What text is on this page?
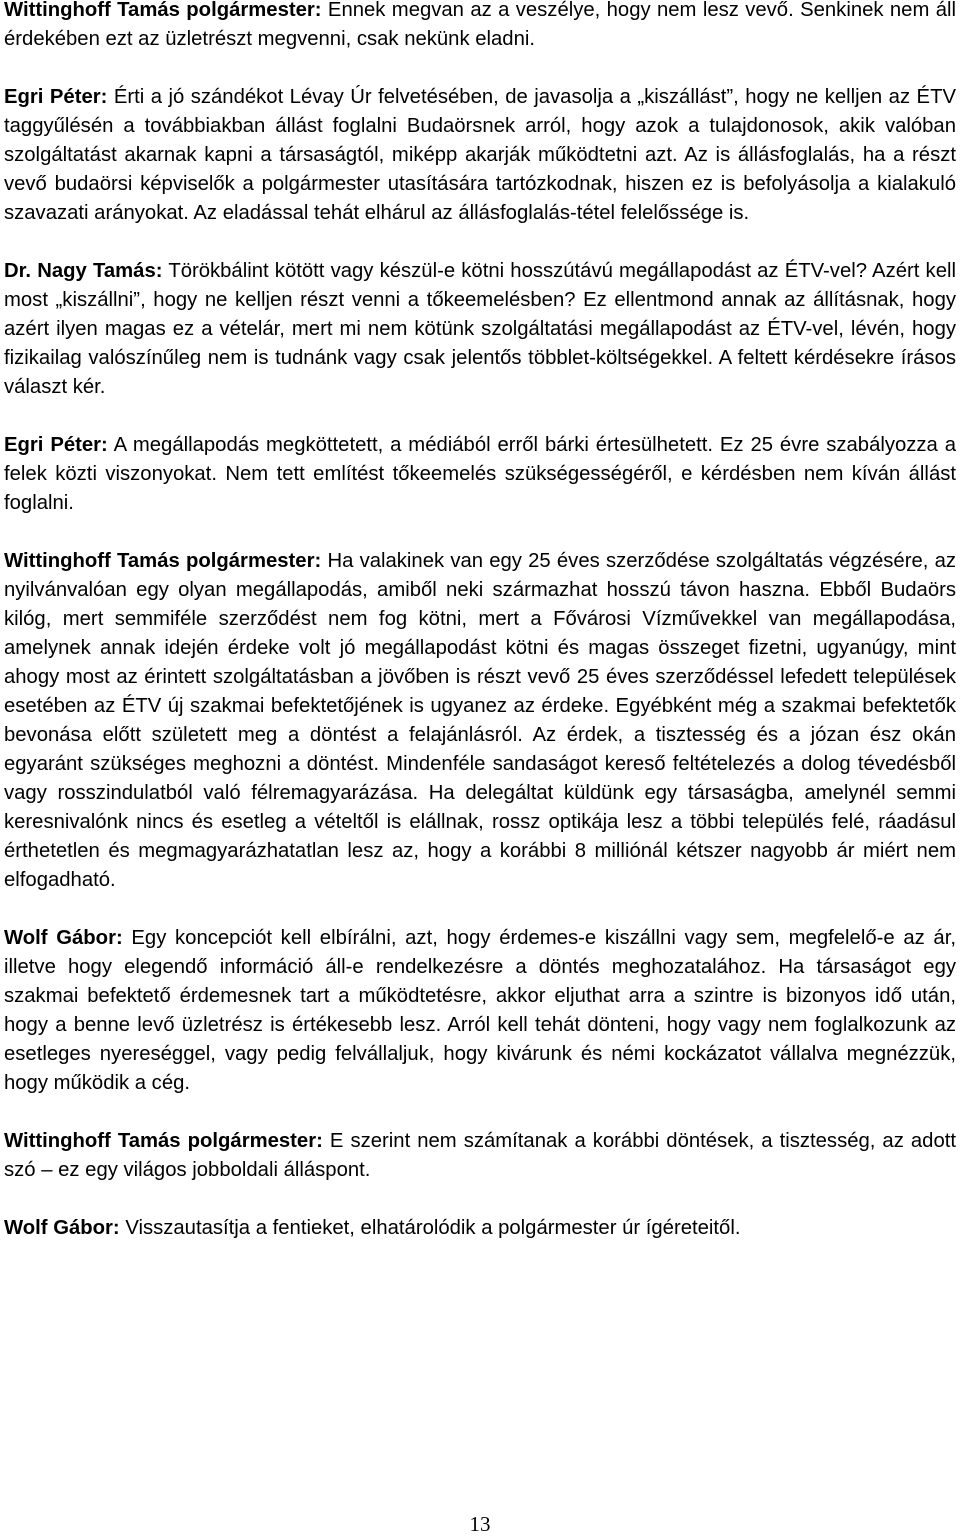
Wittinghoff Tamás polgármester: Ennek megvan az a veszélye, hogy nem lesz vevő. Senkinek nem áll érdekében ezt az üzletrészt megvenni, csak nekünk eladni.

Egri Péter: Érti a jó szándékot Lévay Úr felvetésében, de javasolja a „kiszállást”, hogy ne kelljen az ÉTV taggyűlésén a továbbiakban állást foglalni Budaörsnek arról, hogy azok a tulajdonosok, akik valóban szolgáltatást akarnak kapni a társaságtól, miképp akarják működtetni azt. Az is állásfoglalás, ha a részt vevő budaörsi képviselők a polgármester utasítására tartózkodnak, hiszen ez is befolyásolja a kialakuló szavazati arányokat. Az eladással tehát elhárul az állásfoglalás-tétel felelőssége is.

Dr. Nagy Tamás: Törökbálint kötött vagy készül-e kötni hosszútávú megállapodást az ÉTV-vel? Azért kell most „kiszállni”, hogy ne kelljen részt venni a tőkeemelésben? Ez ellentmond annak az állításnak, hogy azért ilyen magas ez a vételár, mert mi nem kötünk szolgáltatási megállapodást az ÉTV-vel, lévén, hogy fizikailag valószínűleg nem is tudnánk vagy csak jelentős többlet-költségekkel. A feltett kérdésekre írásos választ kér.

Egri Péter: A megállapodás megköttetett, a médiából erről bárki értesülhetett. Ez 25 évre szabályozza a felek közti viszonyokat. Nem tett említést tőkeemelés szükségességéről, e kérdésben nem kíván állást foglalni.

Wittinghoff Tamás polgármester: Ha valakinek van egy 25 éves szerződése szolgáltatás végzésére, az nyilvánvalóan egy olyan megállapodás, amiből neki származhat hosszú távon haszna. Ebből Budaörs kilóg, mert semmiféle szerződést nem fog kötni, mert a Fővárosi Vízművekkel van megállapodása, amelynek annak idején érdeke volt jó megállapodást kötni és magas összeget fizetni, ugyanúgy, mint ahogy most az érintett szolgáltatásban a jövőben is részt vevő 25 éves szerződéssel lefedett települések esetében az ÉTV új szakmai befektetőjének is ugyanez az érdeke. Egyébként még a szakmai befektetők bevonása előtt született meg a döntést a felajánlásról. Az érdek, a tisztesség és a józan ész okán egyaránt szükséges meghozni a döntést. Mindenféle sandaságot kereső feltételezés a dolog tévedésből vagy rosszindulatból való félremagyarázása. Ha delegáltat küldünk egy társaságba, amelynél semmi keresnivalónk nincs és esetleg a vételtől is elállnak, rossz optikája lesz a többi település felé, ráadásul érthetetlen és megmagyarázhatatlan lesz az, hogy a korábbi 8 milliónál kétszer nagyobb ár miért nem elfogadható.

Wolf Gábor: Egy koncepciót kell elbírálni, azt, hogy érdemes-e kiszállni vagy sem, megfelelő-e az ár, illetve hogy elegendő információ áll-e rendelkezésre a döntés meghozatalához. Ha társaságot egy szakmai befektető érdemesnek tart a működtetésre, akkor eljuthat arra a szintre is bizonyos idő után, hogy a benne levő üzletrész is értékesebb lesz. Arról kell tehát dönteni, hogy vagy nem foglalkozunk az esetleges nyereséggel, vagy pedig felvállaljuk, hogy kivárunk és némi kockázatot vállalva megnézzük, hogy működik a cég.

Wittinghoff Tamás polgármester: E szerint nem számítanak a korábbi döntések, a tisztesség, az adott szó – ez egy világos jobboldali álláspont.

Wolf Gábor: Visszautasítja a fentieket, elhatárolódik a polgármester úr ígéreteitől.

13
